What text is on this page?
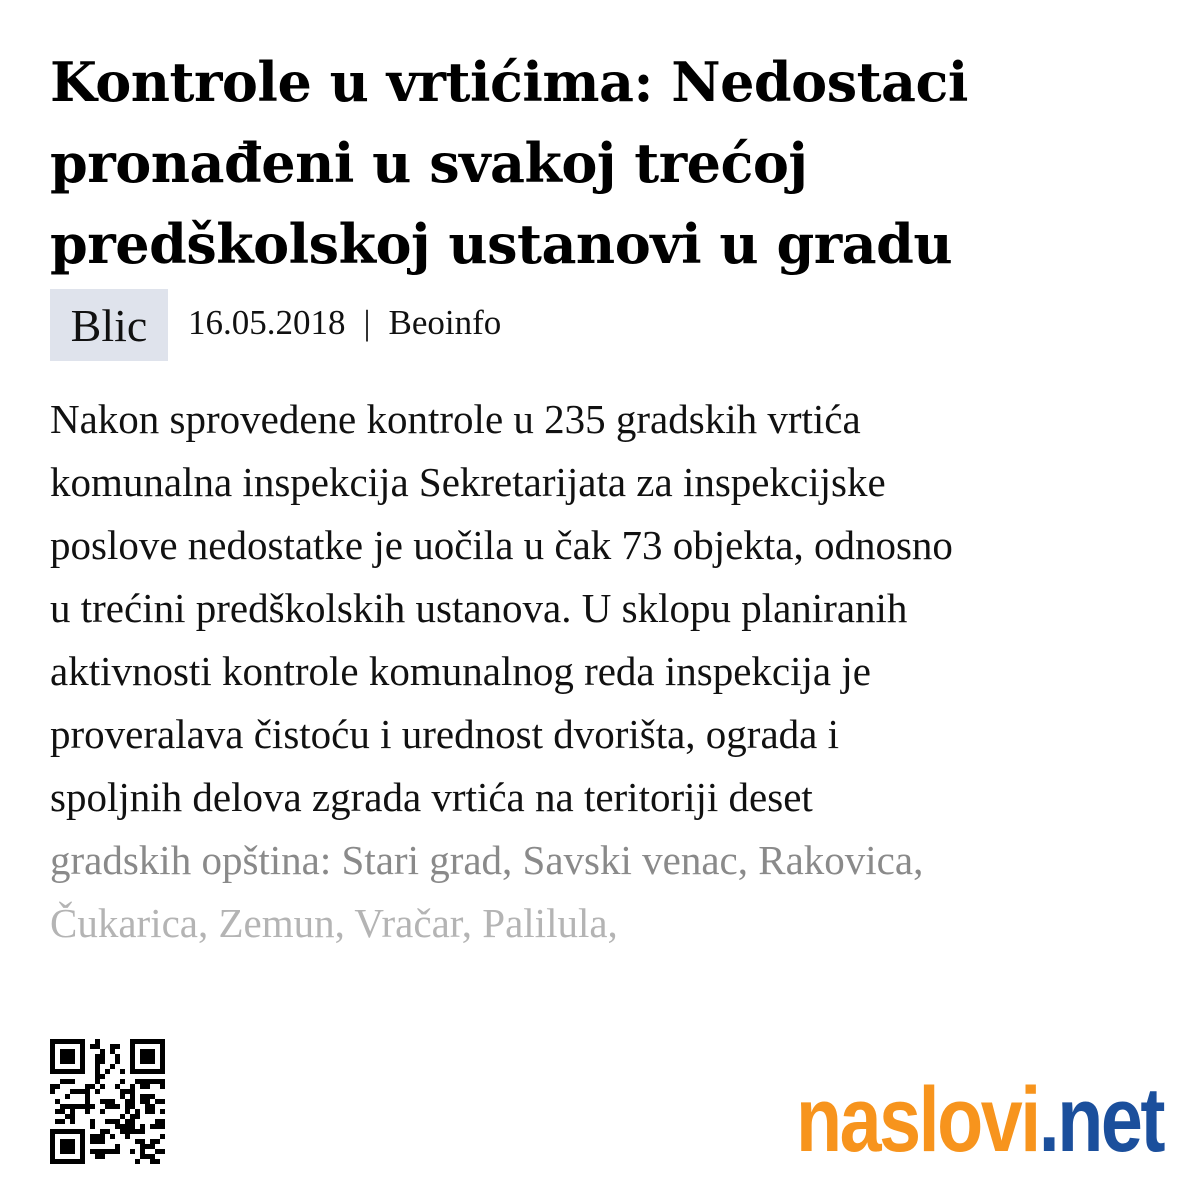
Kontrole u vrtićima: Nedostaci
pronađeni u svakoj trećoj
predškolskoj ustanovi u gradu
Blic	16.05.2018 | Beoinfo
Nakon sprovedene kontrole u 235 gradskih vrtića
komunalna inspekcija Sekretarijata za inspekcijske
poslove nedostatke je uočila u čak 73 objekta, odnosno
u trećini predškolskih ustanova. U sklopu planiranih
aktivnosti kontrole komunalnog reda inspekcija je
proveralava čistoću i urednost dvorišta, ograda i
spoljnih delova zgrada vrtića na teritoriji deset
gradskih opština: Stari grad, Savski venac, Rakovica,
Čukarica, Zemun, Vračar, Palilula,
naslovi.net
